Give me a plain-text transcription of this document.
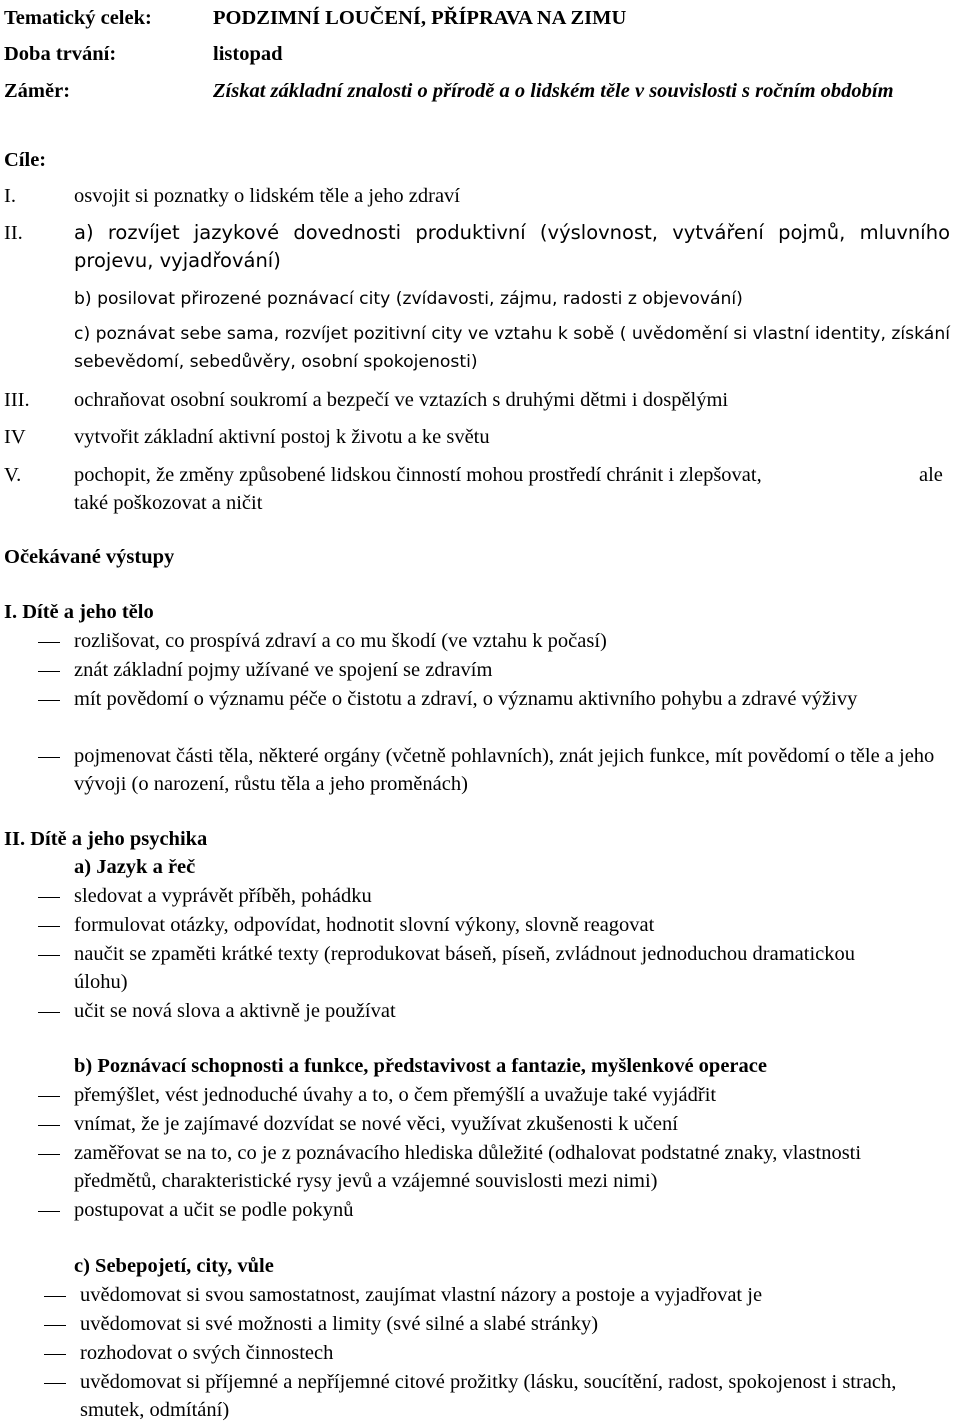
Tematický celek:	PODZIMNÍ LOUČENÍ, PŘÍPRAVA NA ZIMU
Doba trvání:	listopad
Záměr:	Získat základní znalosti o přírodě a o lidském těle v souvislosti s ročním obdobím
Cíle:
I.	osvojit si poznatky o lidském těle a jeho zdraví
II.	a) rozvíjet jazykové dovednosti produktivní (výslovnost, vytváření pojmů, mluvního projevu, vyjadřování)
b) posilovat přirozené poznávací city (zvídavosti, zájmu, radosti z objevování)
c) poznávat sebe sama, rozvíjet pozitivní city ve vztahu k sobě ( uvědomění si vlastní identity, získání sebevědomí, sebedůvěry, osobní spokojenosti)
III. ochraňovat osobní soukromí a bezpečí ve vztazích s druhými dětmi i dospělými
IV vytvořit základní aktivní postoj k životu a ke světu
V.	pochopit, že změny způsobené lidskou činností mohou prostředí chránit i zlepšovat,	ale
také poškozovat a ničit
Očekávané výstupy
I. Dítě a jeho tělo
rozlišovat, co prospívá zdraví a co mu škodí (ve vztahu k počasí)
znát základní pojmy užívané ve spojení se zdravím
mít povědomí o významu péče o čistotu a zdraví, o významu aktivního pohybu a zdravé výživy
pojmenovat části těla, některé orgány (včetně pohlavních), znát jejich funkce, mít povědomí o těle a jeho vývoji (o narození, růstu těla a jeho proměnách)
II. Dítě a jeho psychika
a) Jazyk a řeč
sledovat a vyprávět příběh, pohádku
formulovat otázky, odpovídat, hodnotit slovní výkony, slovně reagovat
naučit se zpaměti krátké texty (reprodukovat báseň, píseň, zvládnout jednoduchou dramatickou úlohu)
učit se nová slova a aktivně je používat
b) Poznávací schopnosti a funkce, představivost a fantazie, myšlenkové operace
přemýšlet, vést jednoduché úvahy a to, o čem přemýšlí a uvažuje také vyjádřit
vnímat, že je zajímavé dozvídat se nové věci, využívat zkušenosti k učení
zaměřovat se na to, co je z poznávacího hlediska důležité (odhalovat podstatné znaky, vlastnosti předmětů, charakteristické rysy jevů a vzájemné souvislosti mezi nimi)
postupovat a učit se podle pokynů
c) Sebepojetí, city, vůle
uvědomovat si svou samostatnost, zaujímat vlastní názory a postoje a vyjadřovat je
uvědomovat si své možnosti a limity (své silné a slabé stránky)
rozhodovat o svých činnostech
uvědomovat si příjemné a nepříjemné citové prožitky (lásku, soucítění, radost, spokojenost i strach, smutek, odmítání)
